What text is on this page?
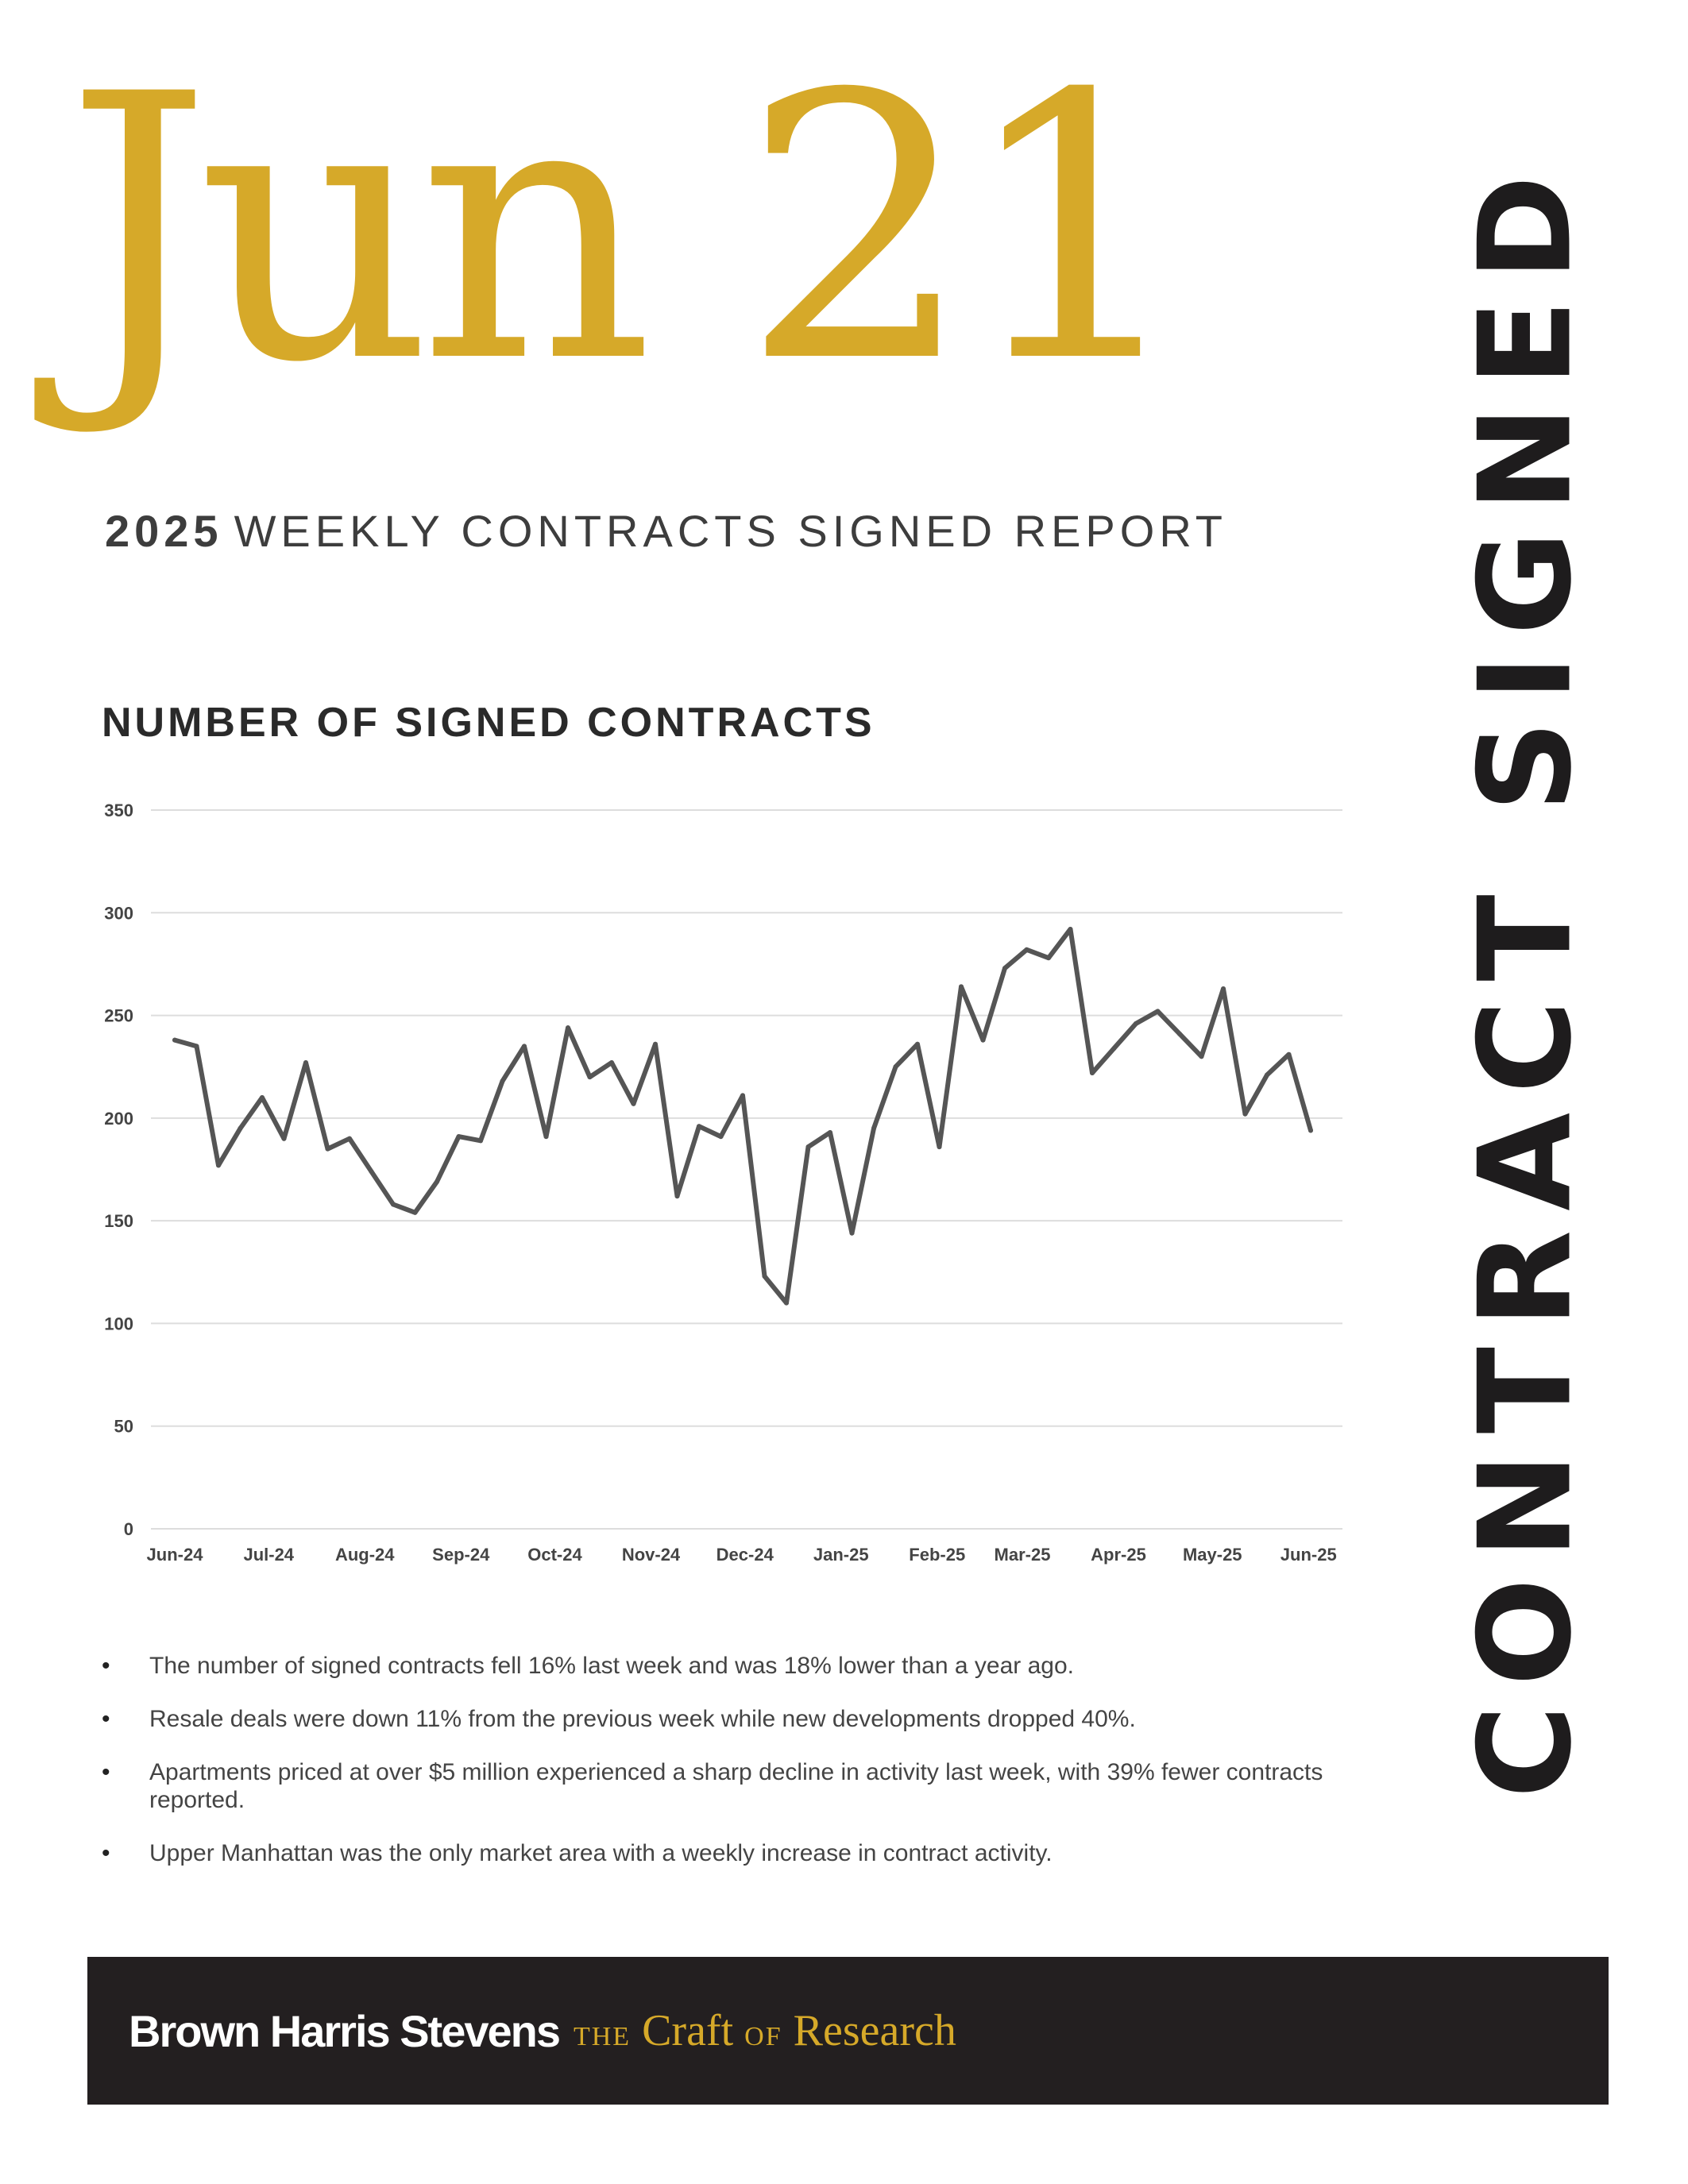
Jun 21
2025 WEEKLY CONTRACTS SIGNED REPORT
NUMBER OF SIGNED CONTRACTS
0
50
100
150
200
250
300
350
Jun-24 Jul-24 Aug-24 Sep-24 Oct-24 Nov-24 Dec-24 Jan-25 Feb-25 Mar-25 Apr-25 May-25 Jun-25 CONTRACT SIGNED
• The number of signed contracts fell 16% last week and was 18% lower than a year ago.
• Resale deals were down 11% from the previous week while new developments dropped 40%.
• Apartments priced at over $5 million experienced a sharp decline in activity last week, with 39% fewer contracts reported.
• Upper Manhattan was the only market area with a weekly increase in contract activity.
Brown Harris Stevens THE Craft OF Research
